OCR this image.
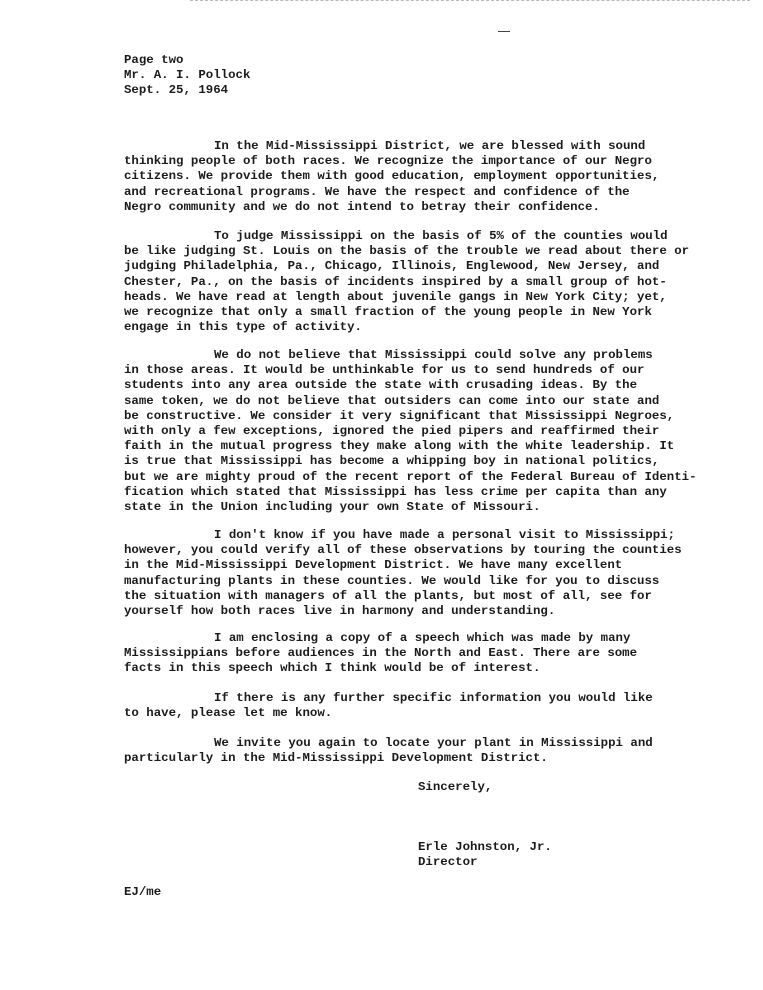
Page two
Mr. A. I. Pollock
Sept. 25, 1964
In the Mid-Mississippi District, we are blessed with sound
thinking people of both races. We recognize the importance of our Negro
citizens. We provide them with good education, employment opportunities,
and recreational programs. We have the respect and confidence of the
Negro community and we do not intend to betray their confidence.
To judge Mississippi on the basis of 5% of the counties would
be like judging St. Louis on the basis of the trouble we read about there or
judging Philadelphia, Pa., Chicago, Illinois, Englewood, New Jersey, and
Chester, Pa., on the basis of incidents inspired by a small group of hot-
heads. We have read at length about juvenile gangs in New York City; yet,
we recognize that only a small fraction of the young people in New York
engage in this type of activity.
We do not believe that Mississippi could solve any problems
in those areas. It would be unthinkable for us to send hundreds of our
students into any area outside the state with crusading ideas. By the
same token, we do not believe that outsiders can come into our state and
be constructive. We consider it very significant that Mississippi Negroes,
with only a few exceptions, ignored the pied pipers and reaffirmed their
faith in the mutual progress they make along with the white leadership. It
is true that Mississippi has become a whipping boy in national politics,
but we are mighty proud of the recent report of the Federal Bureau of Identi-
fication which stated that Mississippi has less crime per capita than any
state in the Union including your own State of Missouri.
I don't know if you have made a personal visit to Mississippi;
however, you could verify all of these observations by touring the counties
in the Mid-Mississippi Development District. We have many excellent
manufacturing plants in these counties. We would like for you to discuss
the situation with managers of all the plants, but most of all, see for
yourself how both races live in harmony and understanding.
I am enclosing a copy of a speech which was made by many
Mississippians before audiences in the North and East. There are some
facts in this speech which I think would be of interest.
If there is any further specific information you would like
to have, please let me know.
We invite you again to locate your plant in Mississippi and
particularly in the Mid-Mississippi Development District.
Sincerely,
Erle Johnston, Jr.
Director
EJ/me
